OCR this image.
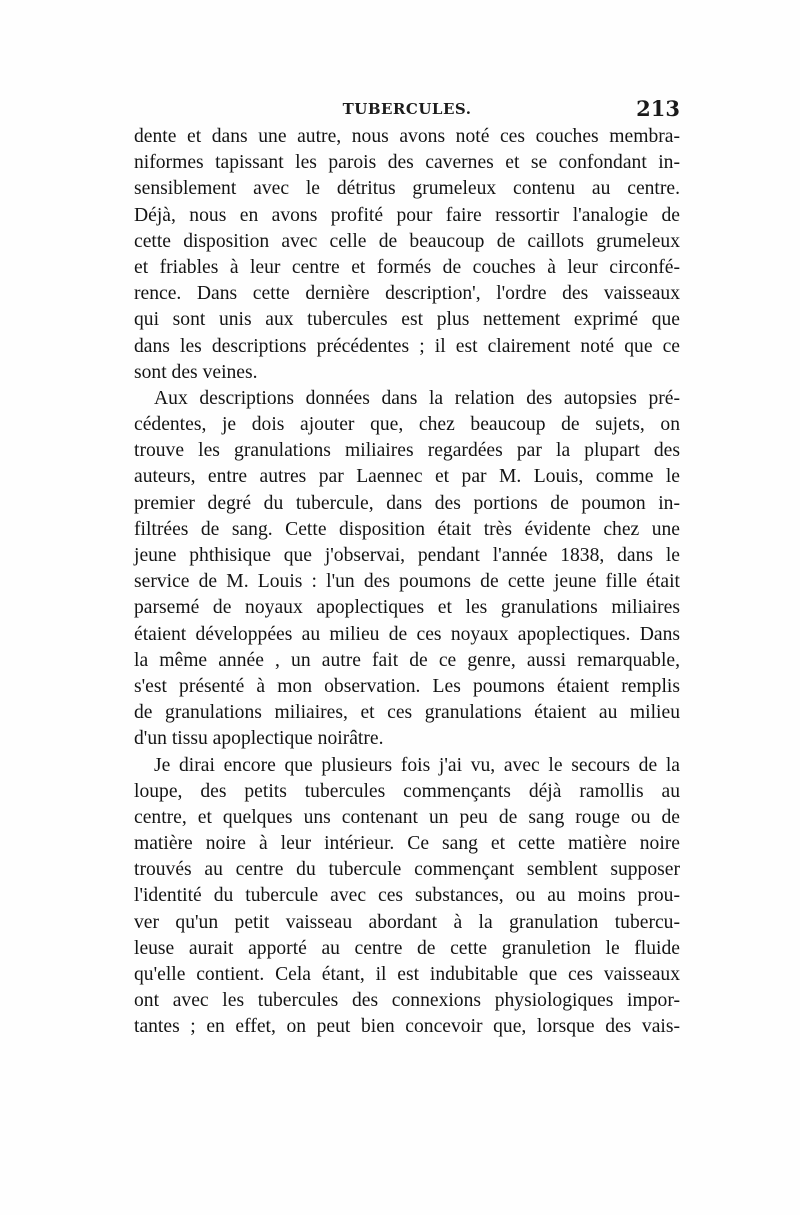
TUBERCULES.	213
dente et dans une autre, nous avons noté ces couches membra-
niformes tapissant les parois des cavernes et se confondant in-
sensiblement avec le détritus grumeleux contenu au centre.
Déjà, nous en avons profité pour faire ressortir l'analogie de
cette disposition avec celle de beaucoup de caillots grumeleux
et friables à leur centre et formés de couches à leur circonfé-
rence. Dans cette dernière description', l'ordre des vaisseaux
qui sont unis aux tubercules est plus nettement exprimé que
dans les descriptions précédentes ; il est clairement noté que ce
sont des veines.
Aux descriptions données dans la relation des autopsies pré-
cédentes, je dois ajouter que, chez beaucoup de sujets, on
trouve les granulations miliaires regardées par la plupart des
auteurs, entre autres par Laennec et par M. Louis, comme le
premier degré du tubercule, dans des portions de poumon in-
filtrées de sang. Cette disposition était très évidente chez une
jeune phthisique que j'observai, pendant l'année 1838, dans le
service de M. Louis : l'un des poumons de cette jeune fille était
parsemé de noyaux apoplectiques et les granulations miliaires
étaient développées au milieu de ces noyaux apoplectiques. Dans
la même année , un autre fait de ce genre, aussi remarquable,
s'est présenté à mon observation. Les poumons étaient remplis
de granulations miliaires, et ces granulations étaient au milieu
d'un tissu apoplectique noirâtre.
Je dirai encore que plusieurs fois j'ai vu, avec le secours de la
loupe, des petits tubercules commençants déjà ramollis au
centre, et quelques uns contenant un peu de sang rouge ou de
matière noire à leur intérieur. Ce sang et cette matière noire
trouvés au centre du tubercule commençant semblent supposer
l'identité du tubercule avec ces substances, ou au moins prou-
ver qu'un petit vaisseau abordant à la granulation tubercu-
leuse aurait apporté au centre de cette granuletion le fluide
qu'elle contient. Cela étant, il est indubitable que ces vaisseaux
ont avec les tubercules des connexions physiologiques impor-
tantes ; en effet, on peut bien concevoir que, lorsque des vais-
